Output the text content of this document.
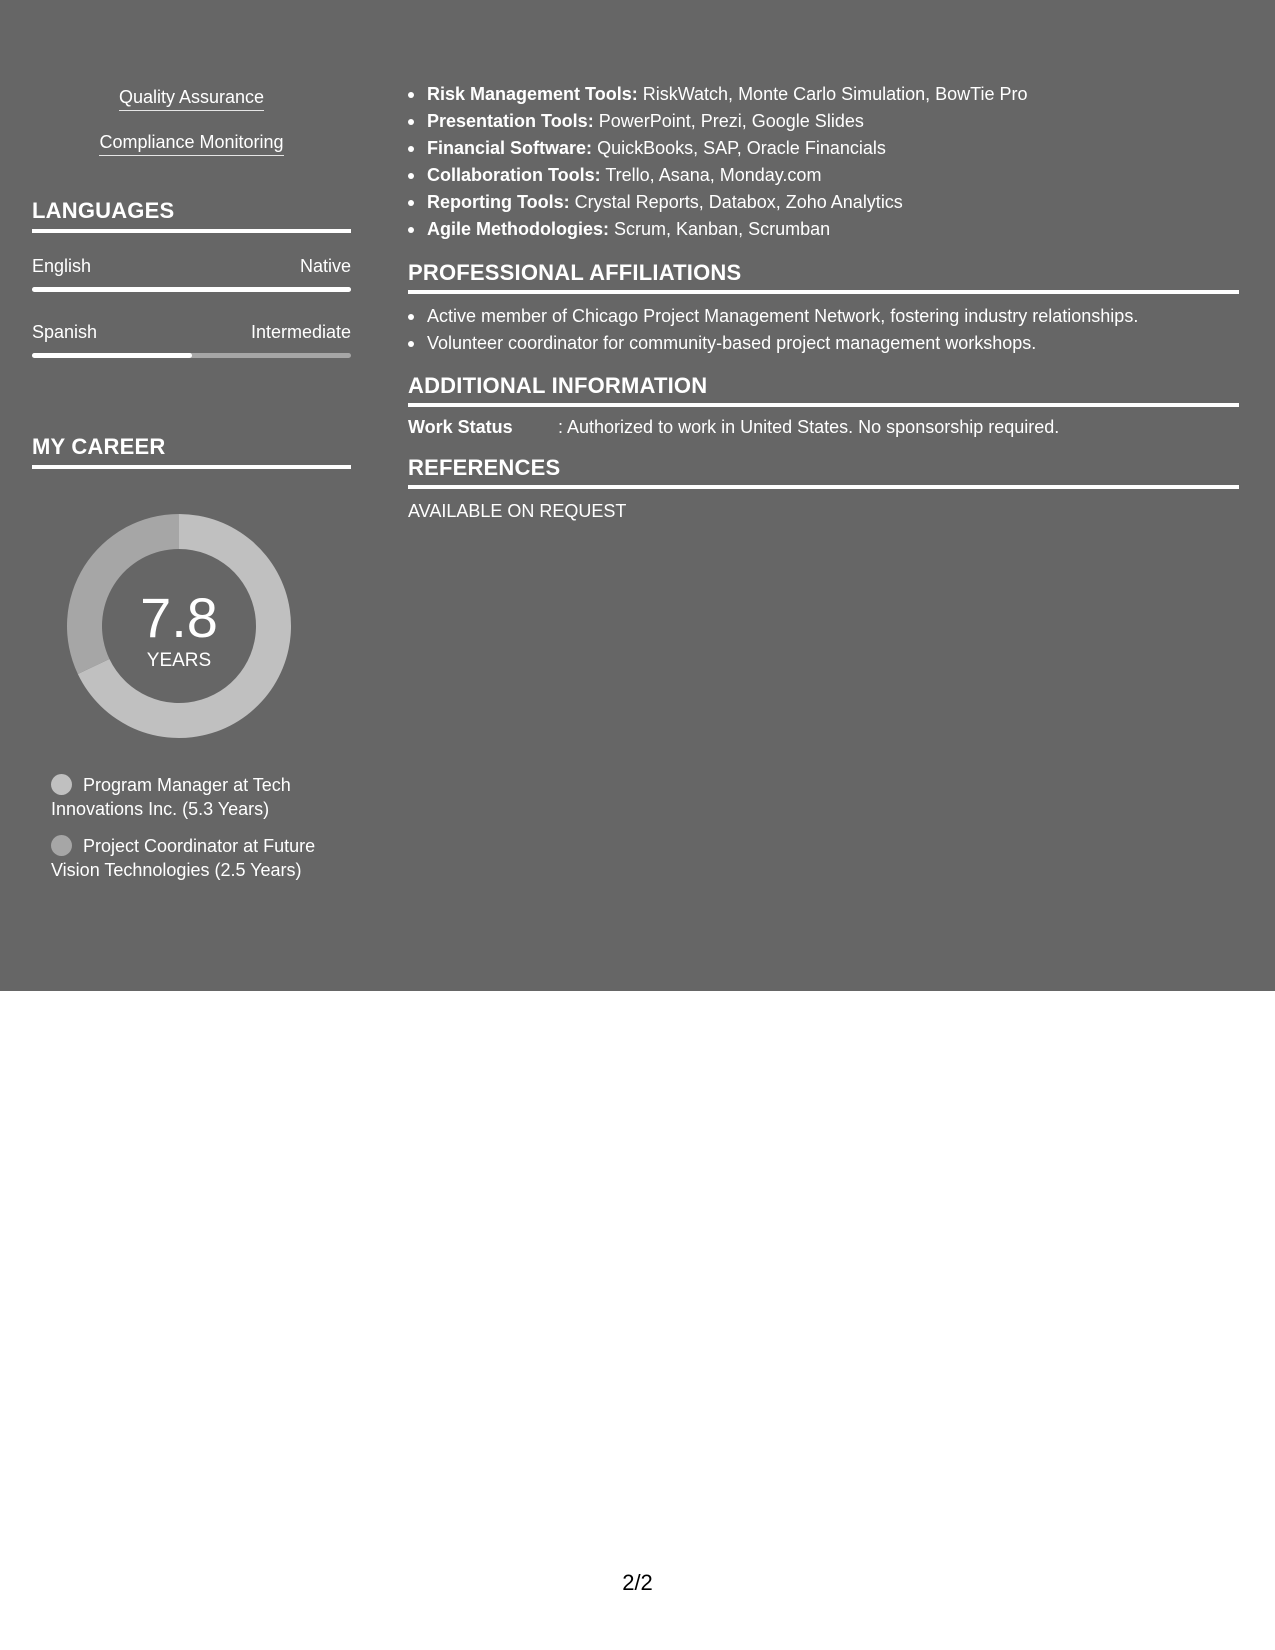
Quality Assurance
Compliance Monitoring
LANGUAGES
English	Native
Spanish	Intermediate
MY CAREER
7.8
YEARS
Program Manager at Tech Innovations Inc. (5.3 Years)
Project Coordinator at Future Vision Technologies (2.5 Years)
Risk Management Tools: RiskWatch, Monte Carlo Simulation, BowTie Pro
Presentation Tools: PowerPoint, Prezi, Google Slides
Financial Software: QuickBooks, SAP, Oracle Financials
Collaboration Tools: Trello, Asana, Monday.com
Reporting Tools: Crystal Reports, Databox, Zoho Analytics
Agile Methodologies: Scrum, Kanban, Scrumban
PROFESSIONAL AFFILIATIONS
Active member of Chicago Project Management Network, fostering industry relationships.
Volunteer coordinator for community-based project management workshops.
ADDITIONAL INFORMATION
Work Status	: Authorized to work in United States. No sponsorship required.
REFERENCES
AVAILABLE ON REQUEST
2/2
